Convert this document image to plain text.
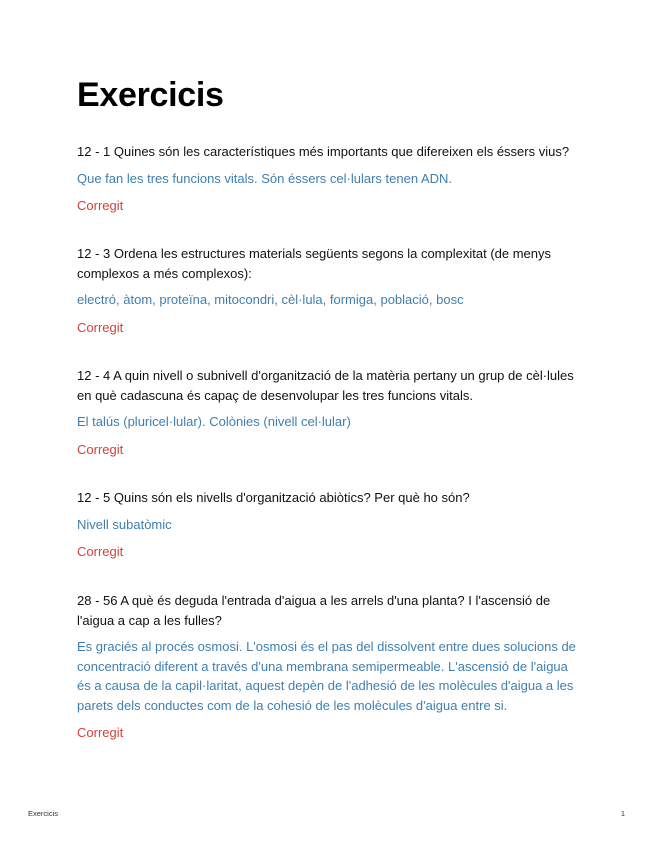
Exercicis

12 - 1 Quines són les característiques més importants que difereixen els éssers vius?

Que fan les tres funcions vitals. Són éssers cel·lulars tenen ADN.

Corregit

12 - 3 Ordena les estructures materials següents segons la complexitat (de menys complexos a més complexos):

electró, àtom, proteïna, mitocondri, cèl·lula, formiga, població, bosc

Corregit

12 - 4 A quin nivell o subnivell d'organització de la matèria pertany un grup de cèl·lules en què cadascuna és capaç de desenvolupar les tres funcions vitals.

El talús (pluricel·lular). Colònies (nivell cel·lular)

Corregit

12 - 5 Quins són els nivells d'organització abiòtics? Per què ho són?

Nivell subatòmic

Corregit

28 - 56 A què és deguda l'entrada d'aigua a les arrels d'una planta? I l'ascensió de l'aigua a cap a les fulles?

Es graciés al procés osmosi. L'osmosi és el pas del dissolvent entre dues solucions de concentració diferent a través d'una membrana semipermeable. L'ascensió de l'aigua és a causa de la capil·laritat, aquest depèn de l'adhesió de les molècules d'aigua a les parets dels conductes com de la cohesió de les molècules d'aigua entre si.

Corregit

Exercicis	1
